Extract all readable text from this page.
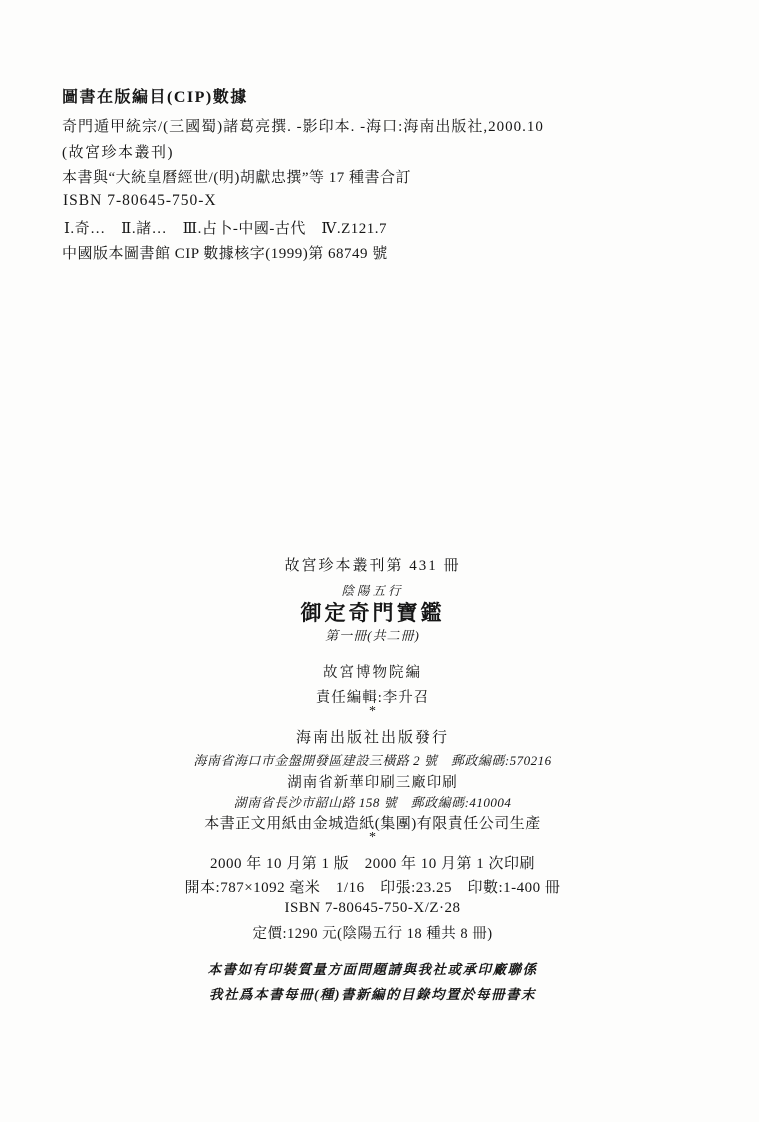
圖書在版編目(CIP)數據
奇門遁甲統宗/(三國蜀)諸葛亮撰. -影印本. -海口:海南出版社,2000.10
(故宮珍本叢刊)
本書與“大統皇曆經世/(明)胡獻忠撰”等 17 種書合訂
ISBN 7-80645-750-X
Ⅰ.奇…　Ⅱ.諸…　Ⅲ.占卜-中國-古代　Ⅳ.Z121.7
中國版本圖書館 CIP 數據核字(1999)第 68749 號
故宮珍本叢刊第 431 冊
陰陽五行
御定奇門寶鑑
第一冊(共二冊)
故宮博物院編
責任編輯:李升召
*
海南出版社出版發行
海南省海口市金盤開發區建設三橫路 2 號　郵政編碼:570216
湖南省新華印刷三廠印刷
湖南省長沙市韶山路 158 號　郵政編碼:410004
本書正文用紙由金城造紙(集團)有限責任公司生產
*
2000 年 10 月第 1 版　2000 年 10 月第 1 次印刷
開本:787×1092 毫米　1/16　印張:23.25　印數:1-400 冊
ISBN 7-80645-750-X/Z·28
定價:1290 元(陰陽五行 18 種共 8 冊)
本書如有印裝質量方面問題請與我社或承印廠聯係
我社爲本書每冊(種)書新編的目錄均置於每冊書末
